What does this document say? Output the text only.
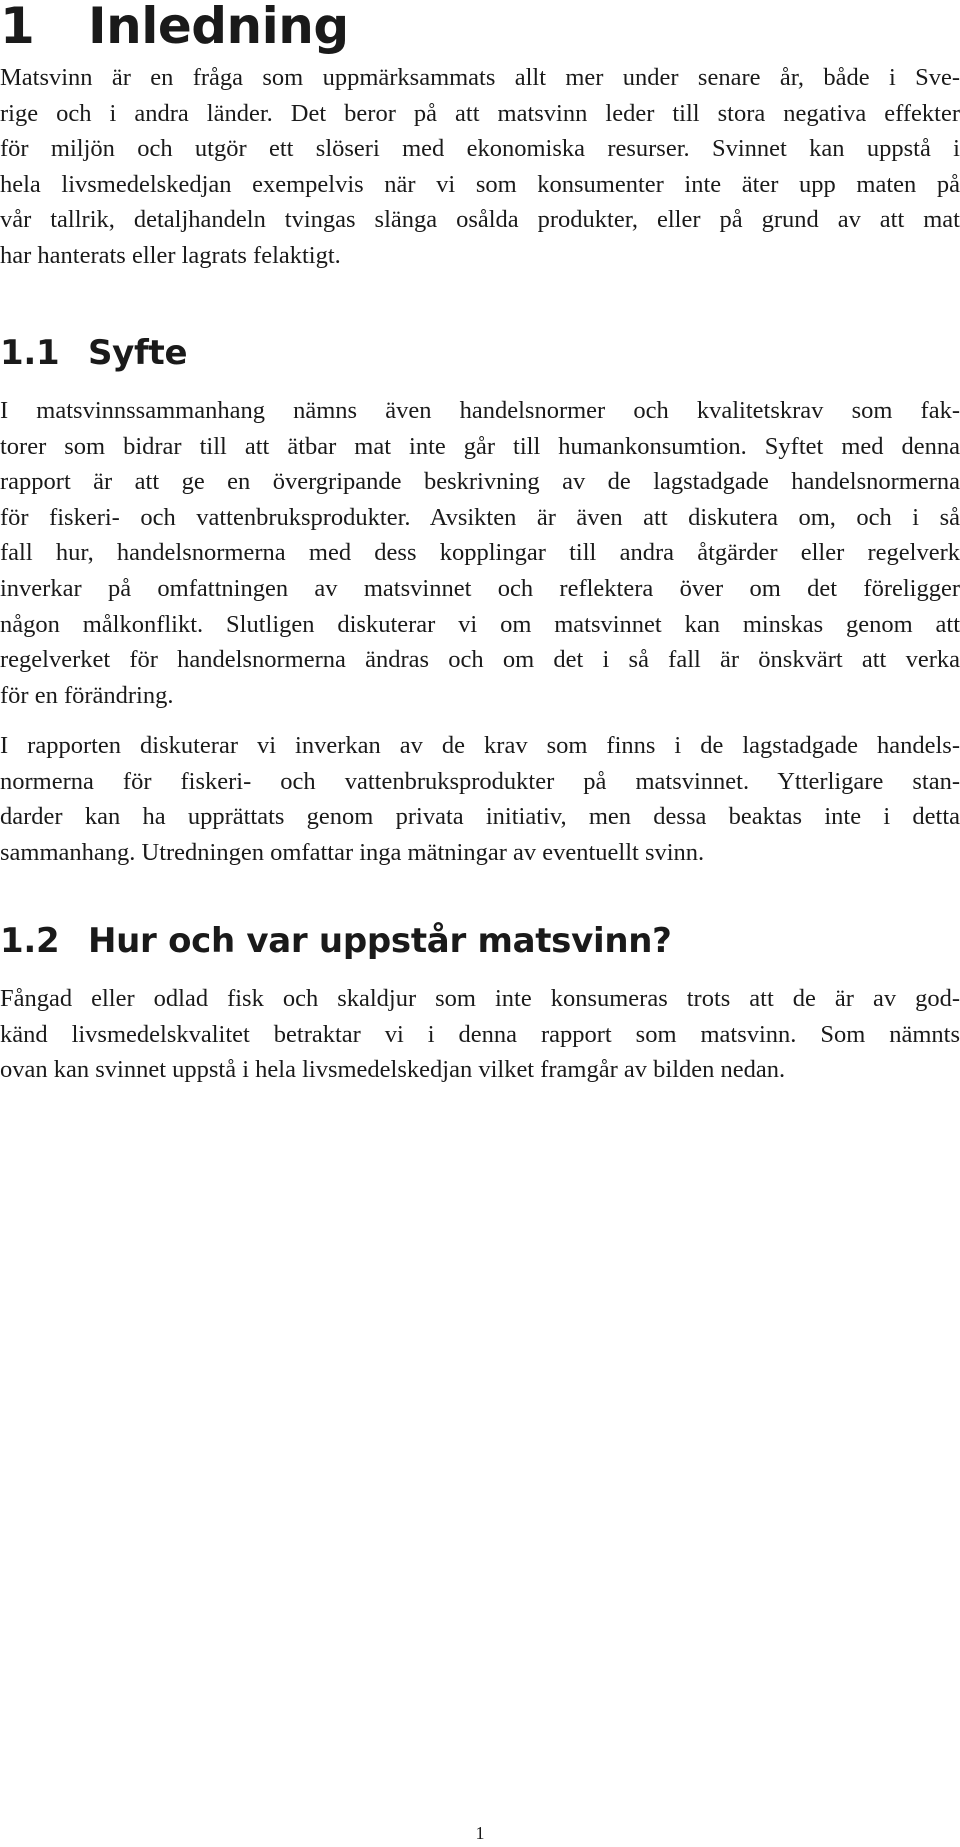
1 Inledning
Matsvinn är en fråga som uppmärksammats allt mer under senare år, både i Sve-
rige och i andra länder. Det beror på att matsvinn leder till stora negativa effekter
för miljön och utgör ett slöseri med ekonomiska resurser. Svinnet kan uppstå i
hela livsmedelskedjan exempelvis när vi som konsumenter inte äter upp maten på
vår tallrik, detaljhandeln tvingas slänga osålda produkter, eller på grund av att mat
har hanterats eller lagrats felaktigt.
1.1 Syfte
I matsvinnssammanhang nämns även handelsnormer och kvalitetskrav som fak-
torer som bidrar till att ätbar mat inte går till humankonsumtion. Syftet med denna
rapport är att ge en övergripande beskrivning av de lagstadgade handelsnormerna
för fiskeri- och vattenbruksprodukter. Avsikten är även att diskutera om, och i så
fall hur, handelsnormerna med dess kopplingar till andra åtgärder eller regelverk
inverkar på omfattningen av matsvinnet och reflektera över om det föreligger
någon målkonflikt. Slutligen diskuterar vi om matsvinnet kan minskas genom att
regelverket för handelsnormerna ändras och om det i så fall är önskvärt att verka
för en förändring.
I rapporten diskuterar vi inverkan av de krav som finns i de lagstadgade handels-
normerna för fiskeri- och vattenbruksprodukter på matsvinnet. Ytterligare stan-
darder kan ha upprättats genom privata initiativ, men dessa beaktas inte i detta
sammanhang. Utredningen omfattar inga mätningar av eventuellt svinn.
1.2 Hur och var uppstår matsvinn?
Fångad eller odlad fisk och skaldjur som inte konsumeras trots att de är av god-
känd livsmedelskvalitet betraktar vi i denna rapport som matsvinn. Som nämnts
ovan kan svinnet uppstå i hela livsmedelskedjan vilket framgår av bilden nedan.

1
